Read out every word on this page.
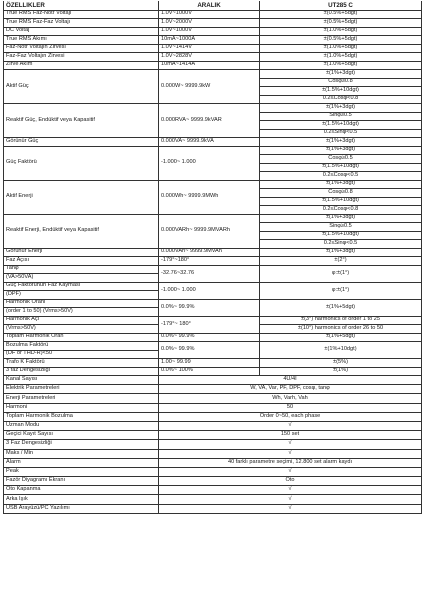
ÖZELLIKLER	ARALIK	UT285 C
True RMS Faz-Nötr Voltajı	1.0V~1000V	±(0.5%+5dgt)
True RMS Faz-Faz Voltajı	1.0V~2000V	±(0.5%+5dgt)
DC Voltaj	1.0V~1000V	±(1.0%+5dgt)
True RMS Akımı	10mA~1000A	±(0.5%+5dgt)
Faz-Nötr Voltajın Zirvesi	1.0V~1414V	±(1.0%+5dgt)
Faz-Faz Voltajın Zirvesi	1.0V~2828V	±(1.0%+5dgt)
Zirve Akım	10mA~1414A	±(1.0%+5dgt)
Aktif Güç	0.000W~ 9999.9kW	±(1%+3dgt)
		Cosφ≥0.8
		±(1.5%+10dgt)
		0.2≤Cosφ<0.8
Reaktif Güç, Endüktif veya Kapasitif	0.000RVA~ 9999.9kVAR	±(1%+3dgt)
		Sinφ≥0.5
		±(1.5%+10dgt)
		0.2≤Sinφ<0.5
Görünür Güç	0.000VA~ 9999.9kVA	±(1%+3dgt)
Güç Faktörü	-1.000~ 1.000	±(1%+3dgt)
		Cosφ≥0.5
		±(1.5%+10dgt)
		0.2≤Cosφ<0.5
Aktif Enerji	0.000Wh~ 9999.9MWh	±(1%+3dgt)
		Cosφ≥0.8
		±(1.5%+10dgt)
		0.2≤Cosφ<0.8
Reaktif Enerji, Endüktif veya Kapasitif	0.000VARh~ 9999.9MVARh	±(1%+3dgt)
		Sinφ≥0.5
		±(1.5%+10dgt)
		0.2≤Sinφ<0.5
Görünür Enerji	0.000VAh~ 9999.9MVAh	±(1%+3dgt)
Faz Açısı	-179°~180°	±(2°)
Tanφ	-32.76~32.76	φ:±(1°)
(VA>50VA)		
Güç Faktörünün Faz Kayması	-1.000~ 1.000	φ:±(1°)
(DPF)		
Harmonik Oranı	0.0%~ 99.9%	±(1%+5dgt)
(order 1 to 50) (Vrms>50V)		
Harmonik Açı	-179°~ 180°	±(3°) harmonics of order 1 to 25
(Vrms>50V)		±(10°) harmonics of order 26 to 50
Toplam Harmonik Oran	0.0%~ 99.9%	±(1%+5dgt)
Bozulma Faktörü	0.0%~ 99.9%	±(1%+10dgt)
(DF or THD-R)<50		
Trafo K Faktörü	1.00~ 99.99	±(5%)
3 faz Dengesizliği	0.0%~ 100%	±(1%)
Kanal Sayısı	4U/4I	
Elektrik Parametreleri	W, VA, Var, PF, DPF, cosφ, tanφ	
Enerji Parametreleri	Wh, Varh, Vah	
Harmoni	50	
Toplam Harmonik Bozulma	Order 0~50, each phase	
Uzman Modu	√	
Geçici Kayıt Sayısı	150 set	
3 Faz Dengesizliği	√	
Maks / Min	√	
Alarm	40 farklı parametre seçimi, 12.800 set alarm kaydı	
Peak	√	
Fazör Diyagramı Ekranı	Oto	
Oto Kapanma	√	
Arka Işık	√	
USB Arayüzü/PC Yazılımı	√	
